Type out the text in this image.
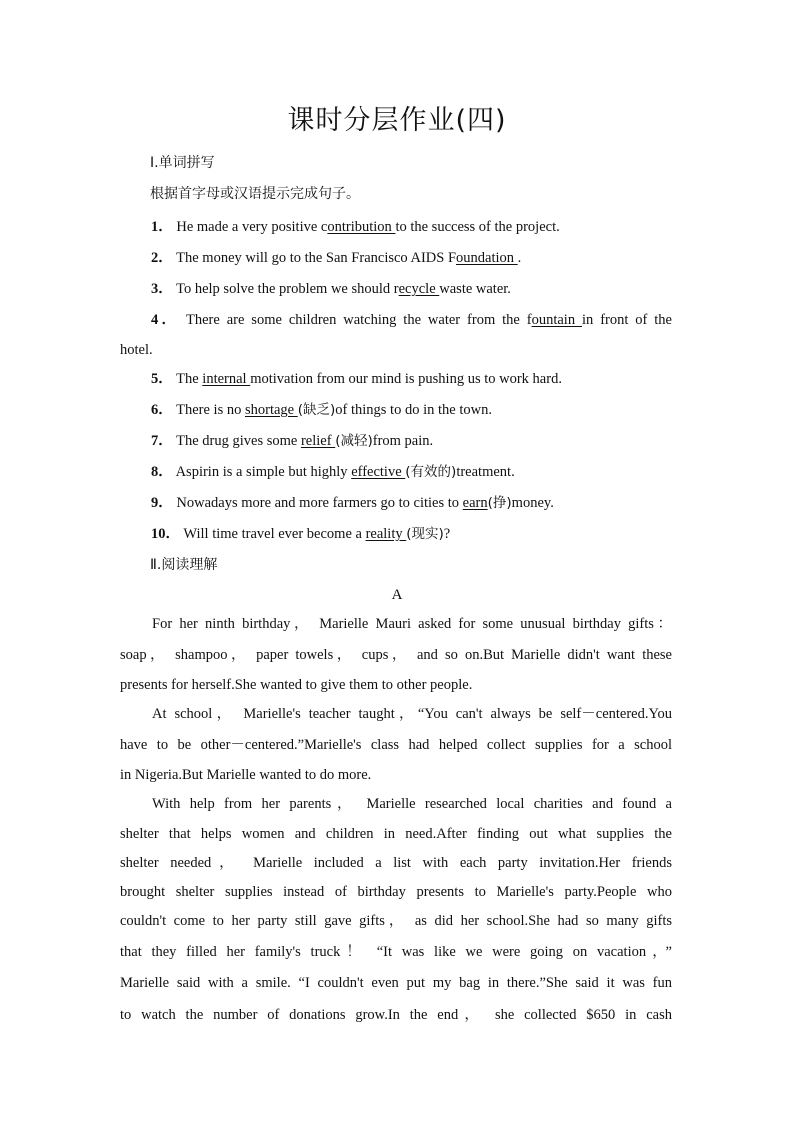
课时分层作业(四)
Ⅰ.单词拼写
根据首字母或汉语提示完成句子。
1． He made a very positive contribution to the success of the project.
2． The money will go to the San Francisco AIDS Foundation .
3． To help solve the problem we should recycle waste water.
4． There are some children watching the water from the fountain in front of the
hotel.
5． The internal motivation from our mind is pushing us to work hard.
6． There is no shortage (缺乏)of things to do in the town.
7． The drug gives some relief (减轻)from pain.
8． Aspirin is a simple but highly effective (有效的)treatment.
9． Nowadays more and more farmers go to cities to earn(挣)money.
10． Will time travel ever become a reality (现实)?
Ⅱ.阅读理解
A
For her ninth birthday， Marielle Mauri asked for some unusual birthday gifts：
soap， shampoo， paper towels， cups， and so on.But Marielle didn't want these
presents for herself.She wanted to give them to other people.
At school， Marielle's teacher taught，“You can't always be self－centered.You
have to be other－centered.”Marielle's class had helped collect supplies for a school
in Nigeria.But Marielle wanted to do more.
With help from her parents， Marielle researched local charities and found a
shelter that helps women and children in need.After finding out what supplies the
shelter needed， Marielle included a list with each party invitation.Her friends
brought shelter supplies instead of birthday presents to Marielle's party.People who
couldn't come to her party still gave gifts， as did her school.She had so many gifts
that they filled her family's truck！ “It was like we were going on vacation，”
Marielle said with a smile. “I couldn't even put my bag in there.”She said it was fun
to watch the number of donations grow.In the end， she collected $650 in cash
